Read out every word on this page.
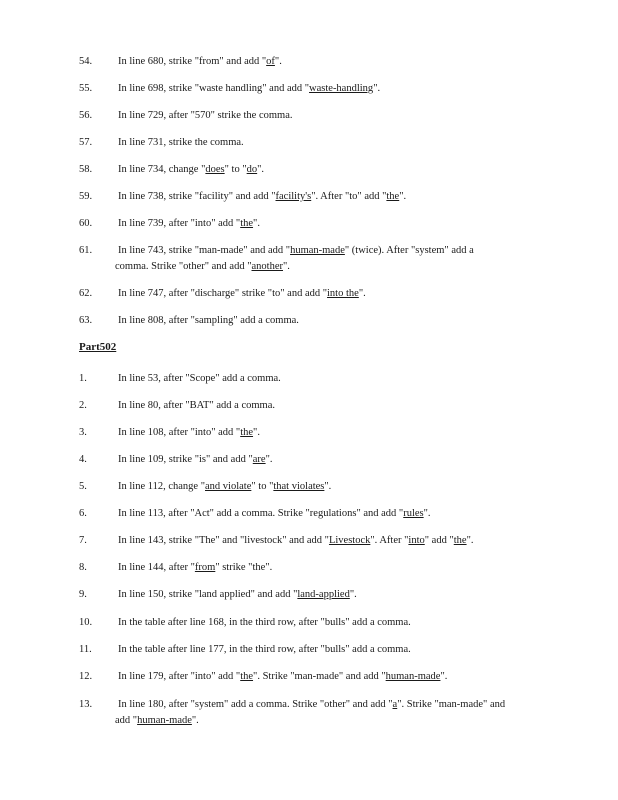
54.	In line 680, strike "from" and add "of".
55.	In line 698, strike "waste handling" and add "waste-handling".
56.	In line 729, after "570" strike the comma.
57.	In line 731, strike the comma.
58.	In line 734, change "does" to "do".
59.	In line 738, strike "facility" and add "facility's". After "to" add "the".
60.	In line 739, after "into" add "the".
61.	In line 743, strike "man-made" and add "human-made" (twice). After "system" add a
comma. Strike "other" and add "another".
62.	In line 747, after "discharge" strike "to" and add "into the".
63.	In line 808, after "sampling" add a comma.
Part502
1.	In line 53, after "Scope" add a comma.
2.	In line 80, after "BAT" add a comma.
3.	In line 108, after "into" add "the".
4.	In line 109, strike "is" and add "are".
5.	In line 112, change "and violate" to "that violates".
6.	In line 113, after "Act" add a comma. Strike "regulations" and add "rules".
7.	In line 143, strike "The" and "livestock" and add "Livestock". After "into" add "the".
8.	In line 144, after "from" strike "the".
9.	In line 150, strike "land applied" and add "land-applied".
10.	In the table after line 168, in the third row, after "bulls" add a comma.
11.	In the table after line 177, in the third row, after "bulls" add a comma.
12.	In line 179, after "into" add "the". Strike "man-made" and add "human-made".
13.	In line 180, after "system" add a comma. Strike "other" and add "a". Strike "man-made" and
add "human-made".
